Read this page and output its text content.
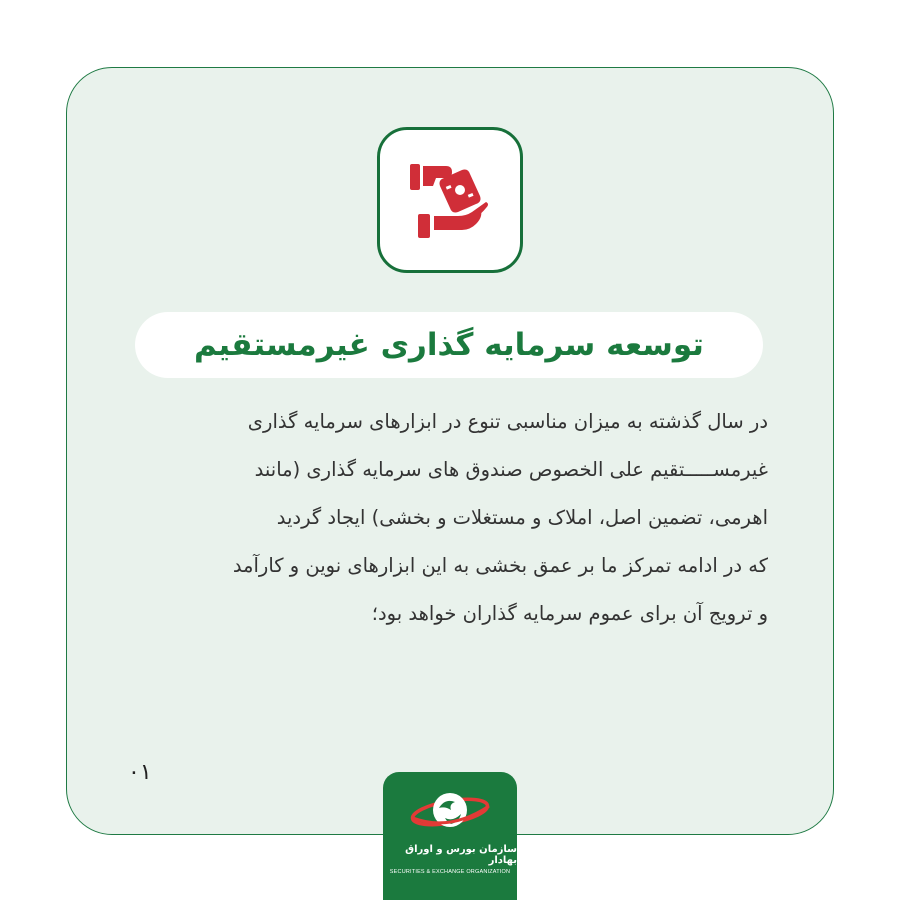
توسعه سرمایه گذاری غیرمستقیم
در سال گذشته به میزان مناسبی تنوع در ابزارهای سرمایه گذاری
غیرمســـــتقیم علی الخصوص صندوق های سرمایه گذاری (مانند
اهرمی، تضمین اصل، املاک و مستغلات و بخشی) ایجاد گردید
که در ادامه تمرکز ما بر عمق بخشی به این ابزارهای نوین و کارآمد
و ترویج آن برای عموم سرمایه گذاران خواهد بود؛
۰۱
سازمان بورس و اوراق بهادار
SECURITIES & EXCHANGE ORGANIZATION
